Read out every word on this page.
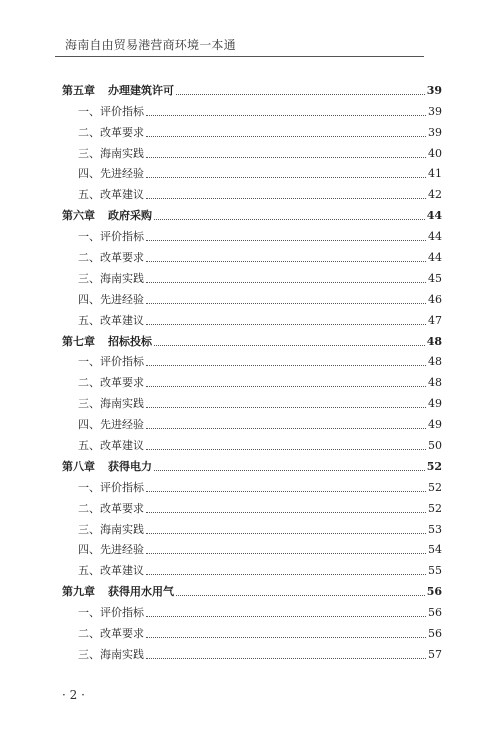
海南自由贸易港营商环境一本通
第五章	办理建筑许可	39
一、评价指标	39
二、改革要求	39
三、海南实践	40
四、先进经验	41
五、改革建议	42
第六章	政府采购	44
一、评价指标	44
二、改革要求	44
三、海南实践	45
四、先进经验	46
五、改革建议	47
第七章	招标投标	48
一、评价指标	48
二、改革要求	48
三、海南实践	49
四、先进经验	49
五、改革建议	50
第八章	获得电力	52
一、评价指标	52
二、改革要求	52
三、海南实践	53
四、先进经验	54
五、改革建议	55
第九章	获得用水用气	56
一、评价指标	56
二、改革要求	56
三、海南实践	57
· 2 ·
